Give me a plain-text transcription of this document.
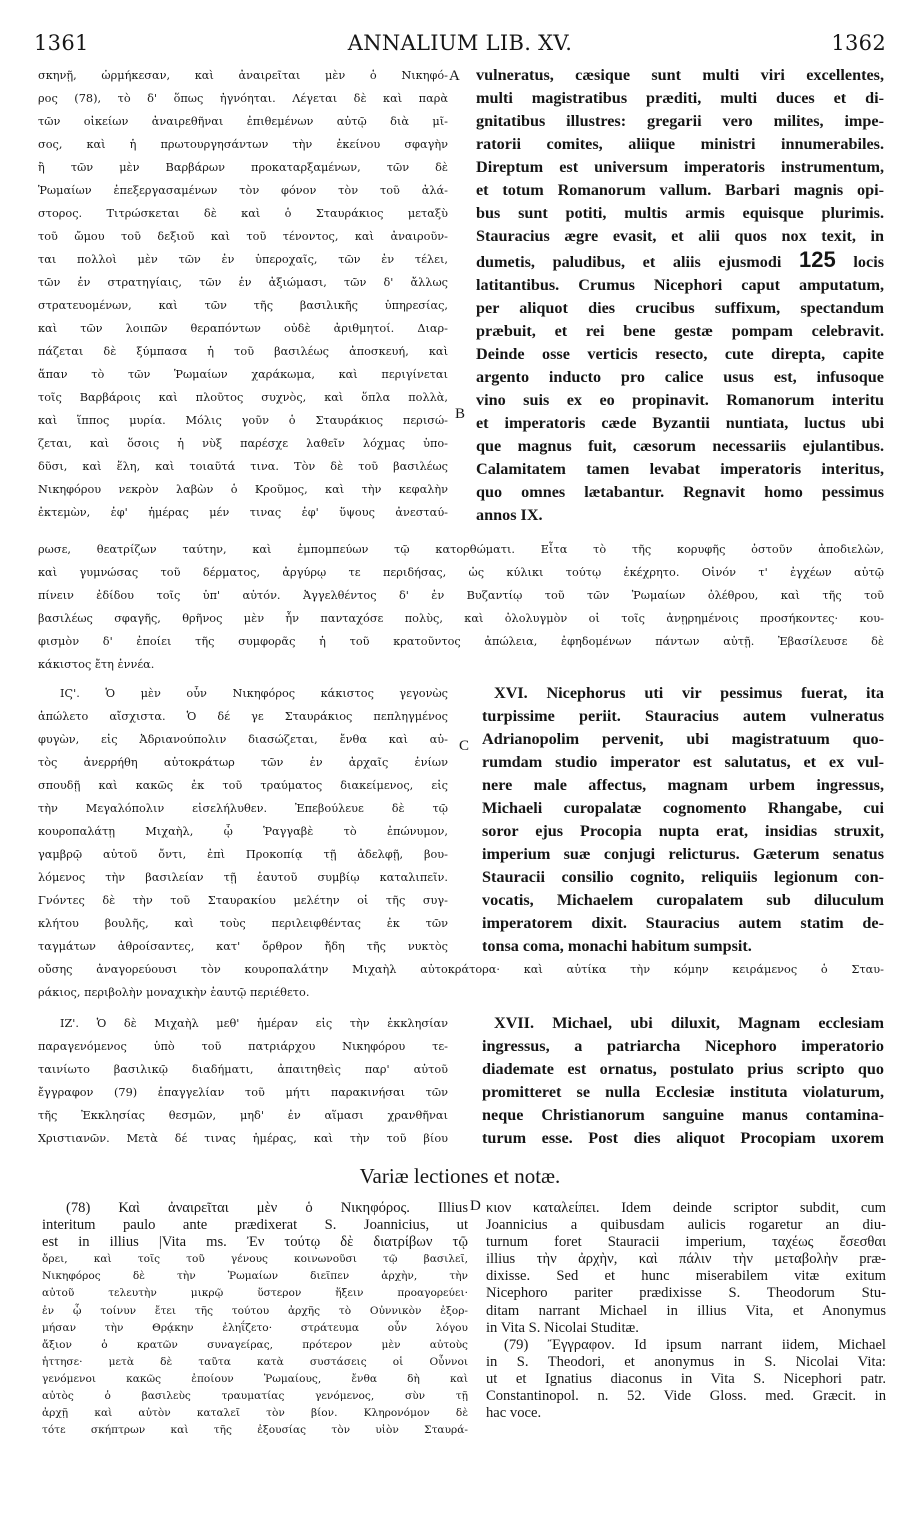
1361	ANNALIUM LIB. XV.	1362
A
B
C
D
σκηνῇ, ὡρμήκεσαν, καὶ ἀναιρεῖται μὲν ὁ Νικηφό-
ρος (78), τὸ δ' ὅπως ἠγνόηται. Λέγεται δὲ καὶ παρὰ
τῶν οἰκείων ἀναιρεθῆναι ἐπιθεμένων αὐτῷ διὰ μῖ-
σος, καὶ ἡ πρωτουργησάντων τὴν ἐκείνου σφαγὴν
ἢ τῶν μὲν Βαρβάρων προκαταρξαμένων, τῶν δὲ
Ῥωμαίων ἐπεξεργασαμένων τὸν φόνον τὸν τοῦ ἀλά-
στορος. Τιτρώσκεται δὲ καὶ ὁ Σταυράκιος μεταξὺ
τοῦ ὤμου τοῦ δεξιοῦ καὶ τοῦ τένοντος, καὶ ἀναιροῦν-
ται πολλοὶ μὲν τῶν ἐν ὑπεροχαῖς, τῶν ἐν τέλει,
τῶν ἐν στρατηγίαις, τῶν ἐν ἀξιώμασι, τῶν δ' ἄλλως
στρατευομένων, καὶ τῶν τῆς βασιλικῆς ὑπηρεσίας,
καὶ τῶν λοιπῶν θεραπόντων οὐδὲ ἀριθμητοί. Διαρ-
πάζεται δὲ ξύμπασα ἡ τοῦ βασιλέως ἀποσκευή, καὶ
ἅπαν τὸ τῶν Ῥωμαίων χαράκωμα, καὶ περιγίνεται
τοῖς Βαρβάροις καὶ πλοῦτος συχνὸς, καὶ ὅπλα πολλὰ,
καὶ ἵππος μυρία. Μόλις γοῦν ὁ Σταυράκιος περισώ-
ζεται, καὶ ὅσοις ἡ νὺξ παρέσχε λαθεῖν λόχμας ὑπο-
δῦσι, καὶ ἕλη, καὶ τοιαῦτά τινα. Τὸν δὲ τοῦ βασιλέως
Νικηφόρου νεκρὸν λαβὼν ὁ Κροῦμος, καὶ τὴν κεφαλὴν
ἐκτεμὼν, ἐφ' ἡμέρας μέν τινας ἐφ' ὕψους ἀνεσταύ-
vulneratus, cæsique sunt multi viri excellentes,
multi magistratibus præditi, multi duces et di-
gnitatibus illustres: gregarii vero milites, impe-
ratorii comites, aliique ministri innumerabiles.
Direptum est universum imperatoris instrumentum,
et totum Romanorum vallum. Barbari magnis opi-
bus sunt potiti, multis armis equisque plurimis.
Stauracius ægre evasit, et alii quos nox texit, in
dumetis, paludibus, et aliis ejusmodi 125 locis
latitantibus. Crumus Nicephori caput amputatum,
per aliquot dies crucibus suffixum, spectandum
præbuit, et rei bene gestæ pompam celebravit.
Deinde osse verticis resecto, cute direpta, capite
argento inducto pro calice usus est, infusoque
vino suis ex eo propinavit. Romanorum interitu
et imperatoris cæde Byzantii nuntiata, luctus ubi
que magnus fuit, cæsorum necessariis ejulantibus.
Calamitatem tamen levabat imperatoris interitus,
quo omnes lætabantur. Regnavit homo pessimus
annos IX.
ρωσε, θεατρίζων ταύτην, καὶ ἐμπομπεύων τῷ κατορθώματι. Εἶτα τὸ τῆς κορυφῆς ὀστοῦν ἀποδιελὼν,
καὶ γυμνώσας τοῦ δέρματος, ἀργύρῳ τε περιδήσας, ὡς κύλικι τούτῳ ἐκέχρητο. Οἰνόν τ' ἐγχέων αὐτῷ
πίνειν ἐδίδου τοῖς ὑπ' αὐτόν. Ἀγγελθέντος δ' ἐν Βυζαντίῳ τοῦ τῶν Ῥωμαίων ὀλέθρου, καὶ τῆς τοῦ
βασιλέως σφαγῆς, θρῆνος μὲν ἦν πανταχόσε πολὺς, καὶ ὀλολυγμὸν οἱ τοῖς ἀνῃρημένοις προσήκοντες· κου-
φισμὸν δ' ἐποίει τῆς συμφορᾶς ἡ τοῦ κρατοῦντος ἀπώλεια, ἐφηδομένων πάντων αὐτῇ. Ἐβασίλευσε δὲ
κάκιστος ἔτη ἐννέα.
ΙϚ'. Ὁ μὲν οὖν Νικηφόρος κάκιστος γεγονὼς
ἀπώλετο αἴσχιστα. Ὁ δέ γε Σταυράκιος πεπληγμένος
φυγὼν, εἰς Ἀδριανούπολιν διασώζεται, ἔνθα καὶ αὐ-
τὸς ἀνερρήθη αὐτοκράτωρ τῶν ἐν ἀρχαῖς ἐνίων
σπουδῇ καὶ κακῶς ἐκ τοῦ τραύματος διακείμενος, εἰς
τὴν Μεγαλόπολιν εἰσελήλυθεν. Ἐπεβούλευε δὲ τῷ
κουροπαλάτῃ Μιχαὴλ, ᾧ Ῥαγγαβὲ τὸ ἐπώνυμον,
γαμβρῷ αὐτοῦ ὄντι, ἐπὶ Προκοπίᾳ τῇ ἀδελφῇ, βου-
λόμενος τὴν βασιλείαν τῇ ἑαυτοῦ συμβίῳ καταλιπεῖν.
Γνόντες δὲ τὴν τοῦ Σταυρακίου μελέτην οἱ τῆς συγ-
κλήτου βουλῆς, καὶ τοὺς περιλειφθέντας ἐκ τῶν
ταγμάτων ἀθροίσαντες, κατ' ὄρθρον ἤδη τῆς νυκτὸς
XVI. Nicephorus uti vir pessimus fuerat, ita
turpissime periit. Stauracius autem vulneratus
Adrianopolim pervenit, ubi magistratuum quo-
rumdam studio imperator est salutatus, et ex vul-
nere male affectus, magnam urbem ingressus,
Michaeli curopalatæ cognomento Rhangabe, cui
soror ejus Procopia nupta erat, insidias struxit,
imperium suæ conjugi relicturus. Gæterum senatus
Stauracii consilio cognito, reliquiis legionum con-
vocatis, Michaelem curopalatem sub diluculum
imperatorem dixit. Stauracius autem statim de-
tonsa coma, monachi habitum sumpsit.
οὔσης ἀναγορεύουσι τὸν κουροπαλάτην Μιχαὴλ αὐτοκράτορα· καὶ αὐτίκα τὴν κόμην κειράμενος ὁ Σταυ-
ράκιος, περιβολὴν μοναχικὴν ἑαυτῷ περιέθετο.
ΙΖ'. Ὁ δὲ Μιχαὴλ μεθ' ἡμέραν εἰς τὴν ἐκκλησίαν
παραγενόμενος ὑπὸ τοῦ πατριάρχου Νικηφόρου τε-
ταινίωτο βασιλικῷ διαδήματι, ἀπαιτηθεὶς παρ' αὐτοῦ
ἔγγραφον (79) ἐπαγγελίαν τοῦ μήτι παρακινήσαι τῶν
τῆς Ἐκκλησίας θεσμῶν, μηδ' ἐν αἵμασι χρανθῆναι
Χριστιανῶν. Μετὰ δέ τινας ἡμέρας, καὶ τὴν τοῦ βίου
XVII. Michael, ubi diluxit, Magnam ecclesiam
ingressus, a patriarcha Nicephoro imperatorio
diademate est ornatus, postulato prius scripto quo
promitteret se nulla Ecclesiæ instituta violaturum,
neque Christianorum sanguine manus contamina-
turum esse. Post dies aliquot Procopiam uxorem
Variæ lectiones et notæ.
(78) Καὶ ἀναιρεῖται μὲν ὁ Νικηφόρος. Illius
interitum paulo ante prædixerat S. Joannicius, ut
est in illius |Vita ms. Ἐν τούτῳ δὲ διατρίβων τῷ
ὄρει, καὶ τοῖς τοῦ γένους κοινωνοῦσι τῷ βασιλεῖ,
Νικηφόρος δὲ τὴν Ῥωμαίων διεῖπεν ἀρχὴν, τὴν
αὐτοῦ τελευτὴν μικρῷ ὕστερον ἥξειν προαγορεύει·
ἐν ᾧ τοίνυν ἔτει τῆς τούτου ἀρχῆς τὸ Οὐννικὸν ἐξορ-
μήσαν τὴν Θρᾴκην ἐληΐζετο· στράτευμα οὖν λόγου
ἄξιον ὁ κρατῶν συναγείρας, πρότερον μὲν αὐτοὺς
ἡττησε· μετὰ δὲ ταῦτα κατὰ συστάσεις οἱ Οὖννοι
γενόμενοι κακῶς ἐποίουν Ῥωμαίους, ἔνθα δὴ καὶ
αὐτὸς ὁ βασιλεὺς τραυματίας γενόμενος, σὺν τῇ
ἀρχῇ καὶ αὐτὸν καταλεῖ τὸν βίον. Κληρονόμον δὲ
τότε σκήπτρων καὶ τῆς ἐξουσίας τὸν υἱὸν Σταυρά-
κιον καταλείπει. Idem deinde scriptor subdit, cum
Joannicius a quibusdam aulicis rogaretur an diu-
turnum foret Stauracii imperium, ταχέως ἔσεσθαι
illius τὴν ἀρχὴν, καὶ πάλιν τὴν μεταβολὴν præ-
dixisse. Sed et hunc miserabilem vitæ exitum
Nicephoro pariter prædixisse S. Theodorum Stu-
ditam narrant Michael in illius Vita, et Anonymus
in Vita S. Nicolai Studitæ.
(79) Ἔγγραφον. Id ipsum narrant iidem, Michael
in S. Theodori, et anonymus in S. Nicolai Vita:
ut et Ignatius diaconus in Vita S. Nicephori patr.
Constantinopol. n. 52. Vide Gloss. med. Græcit. in
hac voce.
